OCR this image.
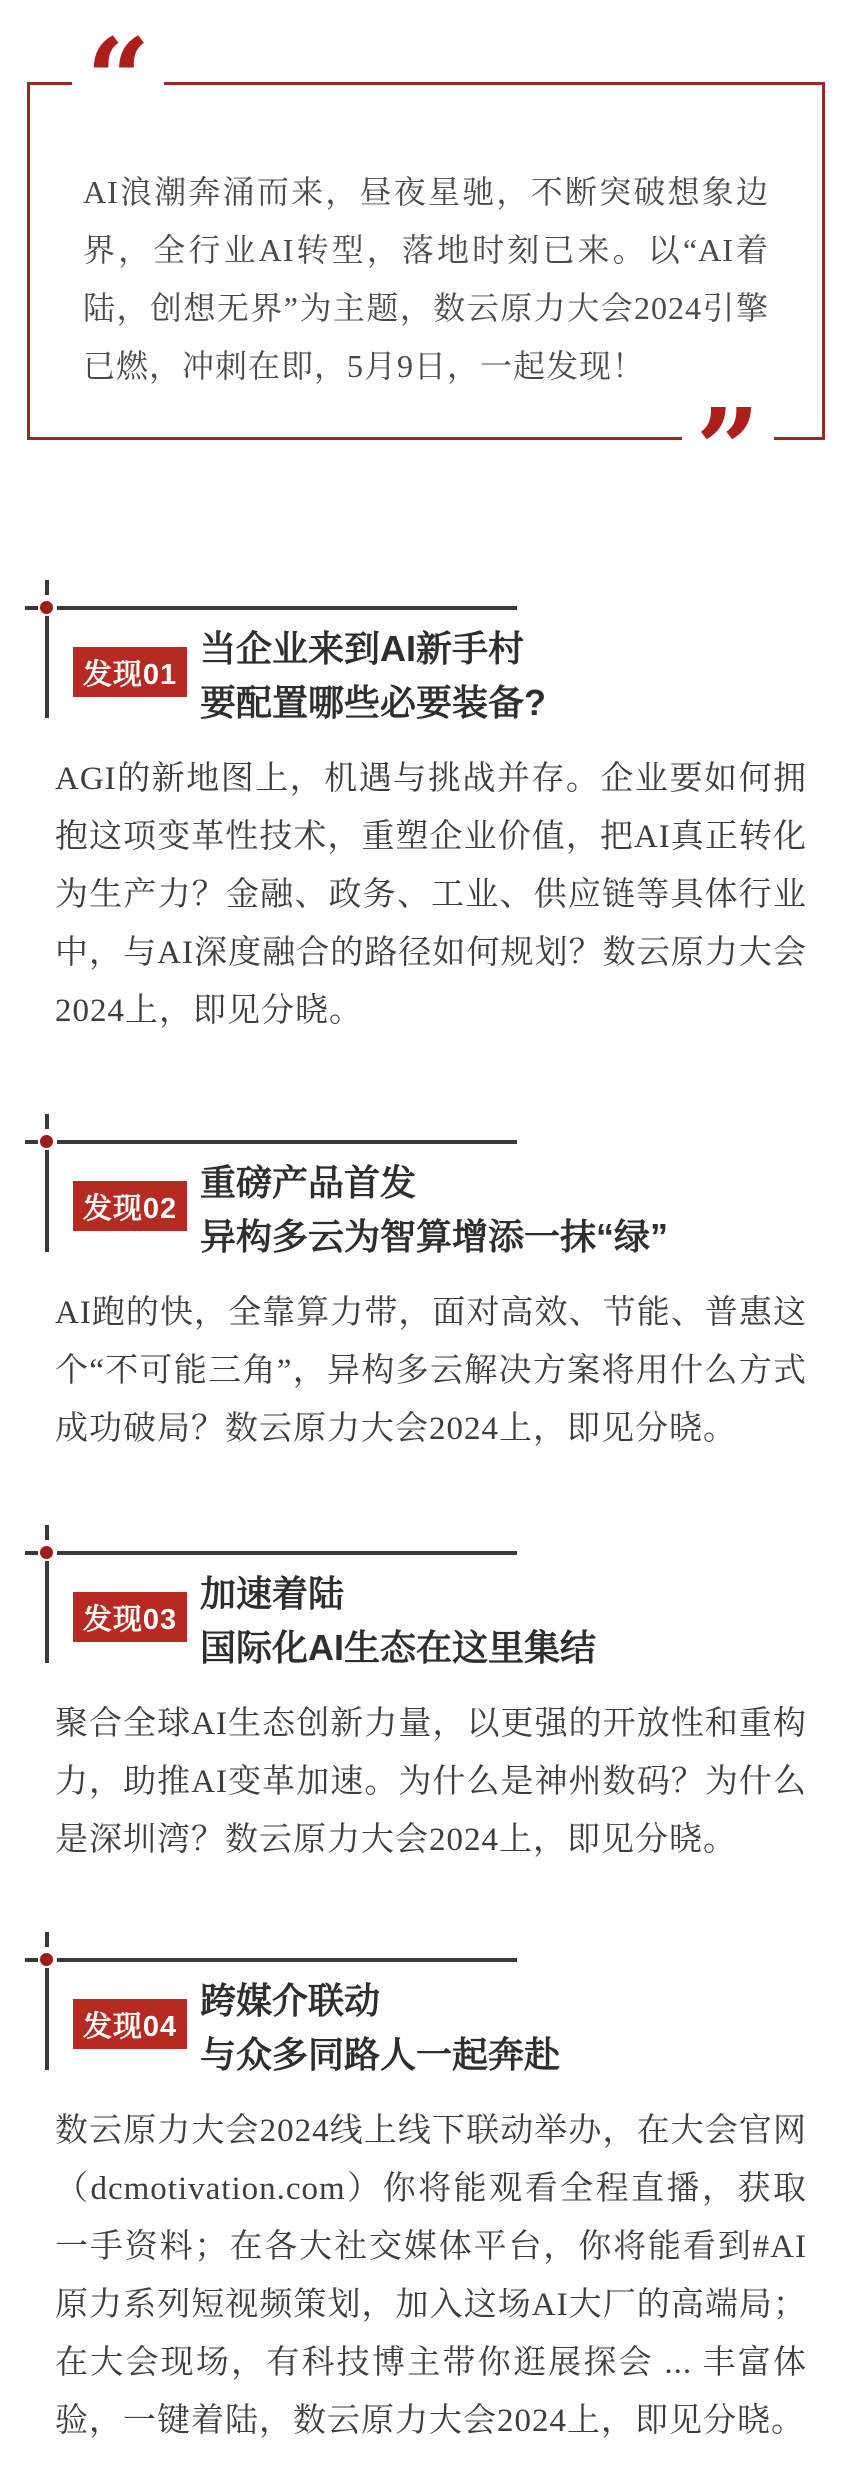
“

AI浪潮奔涌而来，昼夜星驰，不断突破想象边界，全行业AI转型，落地时刻已来。以“AI着陆，创想无界”为主题，数云原力大会2024引擎已燃，冲刺在即，5月9日，一起发现！

”
发现01
当企业来到AI新手村
要配置哪些必要装备?

AGI的新地图上，机遇与挑战并存。企业要如何拥抱这项变革性技术，重塑企业价值，把AI真正转化为生产力？金融、政务、工业、供应链等具体行业中，与AI深度融合的路径如何规划？数云原力大会2024上，即见分晓。

发现02
重磅产品首发
异构多云为智算增添一抹“绿”

AI跑的快，全靠算力带，面对高效、节能、普惠这个“不可能三角”，异构多云解决方案将用什么方式成功破局？数云原力大会2024上，即见分晓。

发现03
加速着陆
国际化AI生态在这里集结

聚合全球AI生态创新力量，以更强的开放性和重构力，助推AI变革加速。为什么是神州数码？为什么是深圳湾？数云原力大会2024上，即见分晓。

发现04
跨媒介联动
与众多同路人一起奔赴

数云原力大会2024线上线下联动举办，在大会官网（dcmotivation.com）你将能观看全程直播，获取一手资料；在各大社交媒体平台，你将能看到#AI原力系列短视频策划，加入这场AI大厂的高端局；在大会现场，有科技博主带你逛展探会 ... 丰富体验，一键着陆，数云原力大会2024上，即见分晓。
